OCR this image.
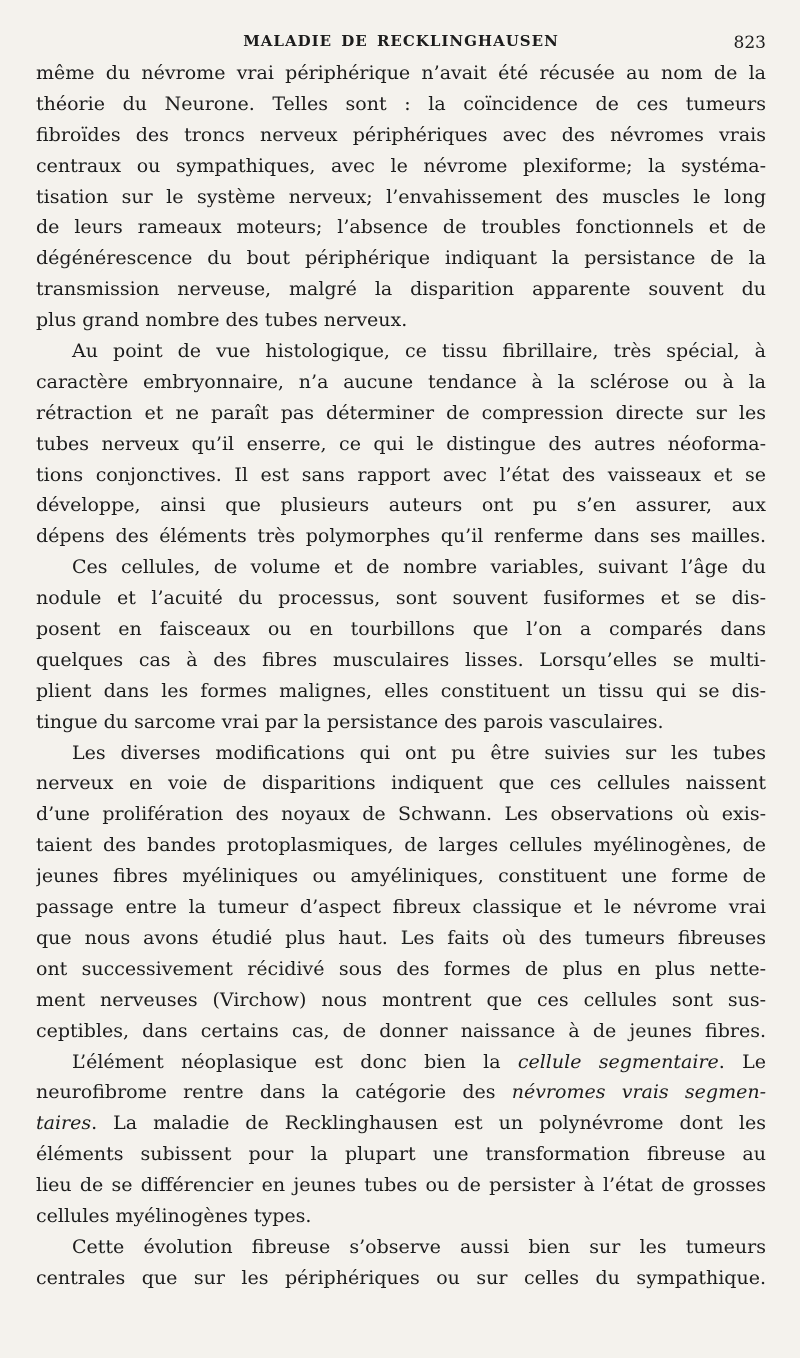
MALADIE DE RECKLINGHAUSEN	823
même du névrome vrai périphérique n’avait été récusée au nom de la
théorie du Neurone. Telles sont : la coïncidence de ces tumeurs
fibroïdes des troncs nerveux périphériques avec des névromes vrais
centraux ou sympathiques, avec le névrome plexiforme; la systéma-
tisation sur le système nerveux; l’envahissement des muscles le long
de leurs rameaux moteurs; l’absence de troubles fonctionnels et de
dégénérescence du bout périphérique indiquant la persistance de la
transmission nerveuse, malgré la disparition apparente souvent du
plus grand nombre des tubes nerveux.
Au point de vue histologique, ce tissu fibrillaire, très spécial, à
caractère embryonnaire, n’a aucune tendance à la sclérose ou à la
rétraction et ne paraît pas déterminer de compression directe sur les
tubes nerveux qu’il enserre, ce qui le distingue des autres néoforma-
tions conjonctives. Il est sans rapport avec l’état des vaisseaux et se
développe, ainsi que plusieurs auteurs ont pu s’en assurer, aux
dépens des éléments très polymorphes qu’il renferme dans ses mailles.
Ces cellules, de volume et de nombre variables, suivant l’âge du
nodule et l’acuité du processus, sont souvent fusiformes et se dis-
posent en faisceaux ou en tourbillons que l’on a comparés dans
quelques cas à des fibres musculaires lisses. Lorsqu’elles se multi-
plient dans les formes malignes, elles constituent un tissu qui se dis-
tingue du sarcome vrai par la persistance des parois vasculaires.
Les diverses modifications qui ont pu être suivies sur les tubes
nerveux en voie de disparitions indiquent que ces cellules naissent
d’une prolifération des noyaux de Schwann. Les observations où exis-
taient des bandes protoplasmiques, de larges cellules myélinogènes, de
jeunes fibres myéliniques ou amyéliniques, constituent une forme de
passage entre la tumeur d’aspect fibreux classique et le névrome vrai
que nous avons étudié plus haut. Les faits où des tumeurs fibreuses
ont successivement récidivé sous des formes de plus en plus nette-
ment nerveuses (Virchow) nous montrent que ces cellules sont sus-
ceptibles, dans certains cas, de donner naissance à de jeunes fibres.
L’élément néoplasique est donc bien la cellule segmentaire. Le
neurofibrome rentre dans la catégorie des névromes vrais segmen-
taires. La maladie de Recklinghausen est un polynévrome dont les
éléments subissent pour la plupart une transformation fibreuse au
lieu de se différencier en jeunes tubes ou de persister à l’état de grosses
cellules myélinogènes types.
Cette évolution fibreuse s’observe aussi bien sur les tumeurs
centrales que sur les périphériques ou sur celles du sympathique.
